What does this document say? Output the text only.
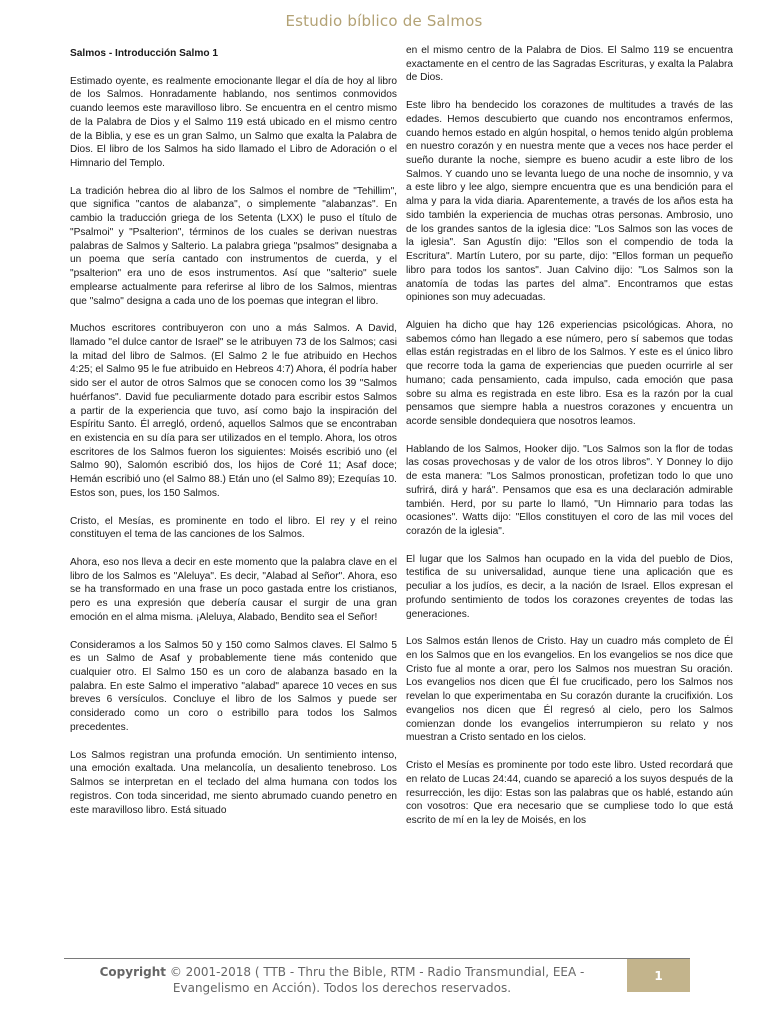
Estudio bíblico de Salmos
Salmos - Introducción Salmo 1

Estimado oyente, es realmente emocionante llegar el día de hoy al libro de los Salmos. Honradamente hablando, nos sentimos conmovidos cuando leemos este maravilloso libro. Se encuentra en el centro mismo de la Palabra de Dios y el Salmo 119 está ubicado en el mismo centro de la Biblia, y ese es un gran Salmo, un Salmo que exalta la Palabra de Dios. El libro de los Salmos ha sido llamado el Libro de Adoración o el Himnario del Templo.

La tradición hebrea dio al libro de los Salmos el nombre de "Tehillim", que significa "cantos de alabanza", o simplemente "alabanzas". En cambio la traducción griega de los Setenta (LXX) le puso el título de "Psalmoi" y "Psalterion", términos de los cuales se derivan nuestras palabras de Salmos y Salterio. La palabra griega "psalmos" designaba a un poema que sería cantado con instrumentos de cuerda, y el "psalterion" era uno de esos instrumentos. Así que "salterio" suele emplearse actualmente para referirse al libro de los Salmos, mientras que "salmo" designa a cada uno de los poemas que integran el libro.

Muchos escritores contribuyeron con uno a más Salmos. A David, llamado "el dulce cantor de Israel" se le atribuyen 73 de los Salmos; casi la mitad del libro de Salmos. (El Salmo 2 le fue atribuido en Hechos 4:25; el Salmo 95 le fue atribuido en Hebreos 4:7) Ahora, él podría haber sido ser el autor de otros Salmos que se conocen como los 39 "Salmos huérfanos". David fue peculiarmente dotado para escribir estos Salmos a partir de la experiencia que tuvo, así como bajo la inspiración del Espíritu Santo. Él arregló, ordenó, aquellos Salmos que se encontraban en existencia en su día para ser utilizados en el templo. Ahora, los otros escritores de los Salmos fueron los siguientes: Moisés escribió uno (el Salmo 90), Salomón escribió dos, los hijos de Coré 11; Asaf doce; Hemán escribió uno (el Salmo 88.) Etán uno (el Salmo 89); Ezequías 10. Estos son, pues, los 150 Salmos.

Cristo, el Mesías, es prominente en todo el libro. El rey y el reino constituyen el tema de las canciones de los Salmos.

Ahora, eso nos lleva a decir en este momento que la palabra clave en el libro de los Salmos es "Aleluya". Es decir, "Alabad al Señor". Ahora, eso se ha transformado en una frase un poco gastada entre los cristianos, pero es una expresión que debería causar el surgir de una gran emoción en el alma misma. ¡Aleluya, Alabado, Bendito sea el Señor!

Consideramos a los Salmos 50 y 150 como Salmos claves. El Salmo 5 es un Salmo de Asaf y probablemente tiene más contenido que cualquier otro. El Salmo 150 es un coro de alabanza basado en la palabra. En este Salmo el imperativo "alabad" aparece 10 veces en sus breves 6 versículos. Concluye el libro de los Salmos y puede ser considerado como un coro o estribillo para todos los Salmos precedentes.

Los Salmos registran una profunda emoción. Un sentimiento intenso, una emoción exaltada. Una melancolía, un desaliento tenebroso. Los Salmos se interpretan en el teclado del alma humana con todos los registros. Con toda sinceridad, me siento abrumado cuando penetro en este maravilloso libro. Está situado

en el mismo centro de la Palabra de Dios. El Salmo 119 se encuentra exactamente en el centro de las Sagradas Escrituras, y exalta la Palabra de Dios.

Este libro ha bendecido los corazones de multitudes a través de las edades. Hemos descubierto que cuando nos encontramos enfermos, cuando hemos estado en algún hospital, o hemos tenido algún problema en nuestro corazón y en nuestra mente que a veces nos hace perder el sueño durante la noche, siempre es bueno acudir a este libro de los Salmos. Y cuando uno se levanta luego de una noche de insomnio, y va a este libro y lee algo, siempre encuentra que es una bendición para el alma y para la vida diaria. Aparentemente, a través de los años esta ha sido también la experiencia de muchas otras personas. Ambrosio, uno de los grandes santos de la iglesia dice: "Los Salmos son las voces de la iglesia". San Agustín dijo: "Ellos son el compendio de toda la Escritura". Martín Lutero, por su parte, dijo: "Ellos forman un pequeño libro para todos los santos". Juan Calvino dijo: "Los Salmos son la anatomía de todas las partes del alma". Encontramos que estas opiniones son muy adecuadas.

Alguien ha dicho que hay 126 experiencias psicológicas. Ahora, no sabemos cómo han llegado a ese número, pero sí sabemos que todas ellas están registradas en el libro de los Salmos. Y este es el único libro que recorre toda la gama de experiencias que pueden ocurrirle al ser humano; cada pensamiento, cada impulso, cada emoción que pasa sobre su alma es registrada en este libro. Esa es la razón por la cual pensamos que siempre habla a nuestros corazones y encuentra un acorde sensible dondequiera que nosotros leamos.

Hablando de los Salmos, Hooker dijo. "Los Salmos son la flor de todas las cosas provechosas y de valor de los otros libros". Y Donney lo dijo de esta manera: "Los Salmos pronostican, profetizan todo lo que uno sufrirá, dirá y hará". Pensamos que esa es una declaración admirable también. Herd, por su parte lo llamó, "Un Himnario para todas las ocasiones". Watts dijo: "Ellos constituyen el coro de las mil voces del corazón de la iglesia".

El lugar que los Salmos han ocupado en la vida del pueblo de Dios, testifica de su universalidad, aunque tiene una aplicación que es peculiar a los judíos, es decir, a la nación de Israel. Ellos expresan el profundo sentimiento de todos los corazones creyentes de todas las generaciones.

Los Salmos están llenos de Cristo. Hay un cuadro más completo de Él en los Salmos que en los evangelios. En los evangelios se nos dice que Cristo fue al monte a orar, pero los Salmos nos muestran Su oración. Los evangelios nos dicen que Él fue crucificado, pero los Salmos nos revelan lo que experimentaba en Su corazón durante la crucifixión. Los evangelios nos dicen que Él regresó al cielo, pero los Salmos comienzan donde los evangelios interrumpieron su relato y nos muestran a Cristo sentado en los cielos.

Cristo el Mesías es prominente por todo este libro. Usted recordará que en relato de Lucas 24:44, cuando se apareció a los suyos después de la resurrección, les dijo: Estas son las palabras que os hablé, estando aún con vosotros: Que era necesario que se cumpliese todo lo que está escrito de mí en la ley de Moisés, en los

Copyright © 2001-2018 ( TTB - Thru the Bible, RTM - Radio Transmundial, EEA - Evangelismo en Acción). Todos los derechos reservados.
1
